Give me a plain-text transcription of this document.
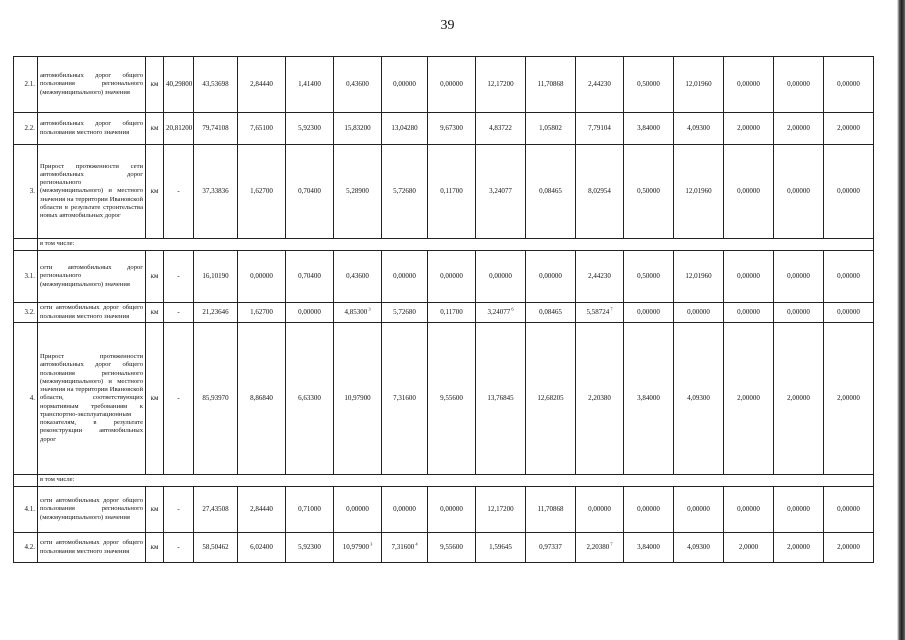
39
2.1.	автомобильных дорог общего пользования регионального (межмуниципального) значения	км	40,29800	43,53698	2,84440	1,41400	0,43600	0,00000	0,00000	12,17200	11,70868	2,44230	0,50000	12,01960	0,00000	0,00000	0,00000
2.2.	автомобильных дорог общего пользования местного значения	км	20,81200	79,74108	7,65100	5,92300	15,83200	13,04280	9,67300	4,83722	1,05802	7,79104	3,84000	4,09300	2,00000	2,00000	2,00000
3.	Прирост протяженности сети автомобильных дорог регионального (межмуниципального) и местного значения на территории Ивановской области в результате строительства новых автомобильных дорог	км	-	37,33836	1,62700	0,70400	5,28900	5,72680	0,11700	3,24077	0,08465	8,02954	0,50000	12,01960	0,00000	0,00000	0,00000
	в том числе:																
3.1.	сети автомобильных дорог регионального (межмуниципального) значения	км	-	16,10190	0,00000	0,70400	0,43600	0,00000	0,00000	0,00000	0,00000	2,44230	0,50000	12,01960	0,00000	0,00000	0,00000
3.2.	сети автомобильных дорог общего пользования местного значения	км	-	21,23646	1,62700	0,00000	4,85300 $^3$	5,72680	0,11700	3,24077 $^6$	0,08465	5,58724 $^7$	0,00000	0,00000	0,00000	0,00000	0,00000
4.	Прирост протяженности автомобильных дорог общего пользования регионального (межмуниципального) и местного значения на территории Ивановской области, соответствующих нормативным требованиям к транспортно-эксплуатационным показателям, в результате реконструкции автомобильных дорог	км	-	85,93970	8,86840	6,63300	10,97900	7,31600	9,55600	13,76845	12,68205	2,20380	3,84000	4,09300	2,00000	2,00000	2,00000
	в том числе:																
4.1.	сети автомобильных дорог общего пользования регионального (межмуниципального) значения	км	-	27,43508	2,84440	0,71000	0,00000	0,00000	0,00000	12,17200	11,70868	0,00000	0,00000	0,00000	0,00000	0,00000	0,00000
4.2.	сети автомобильных дорог общего пользования местного значения	км	-	58,50462	6,02400	5,92300	10,97900 $^3$	7,31600 $^4$	9,55600	1,59645	0,97337	2,20380 $^7$	3,84000	4,09300	2,0000	2,00000	2,00000
